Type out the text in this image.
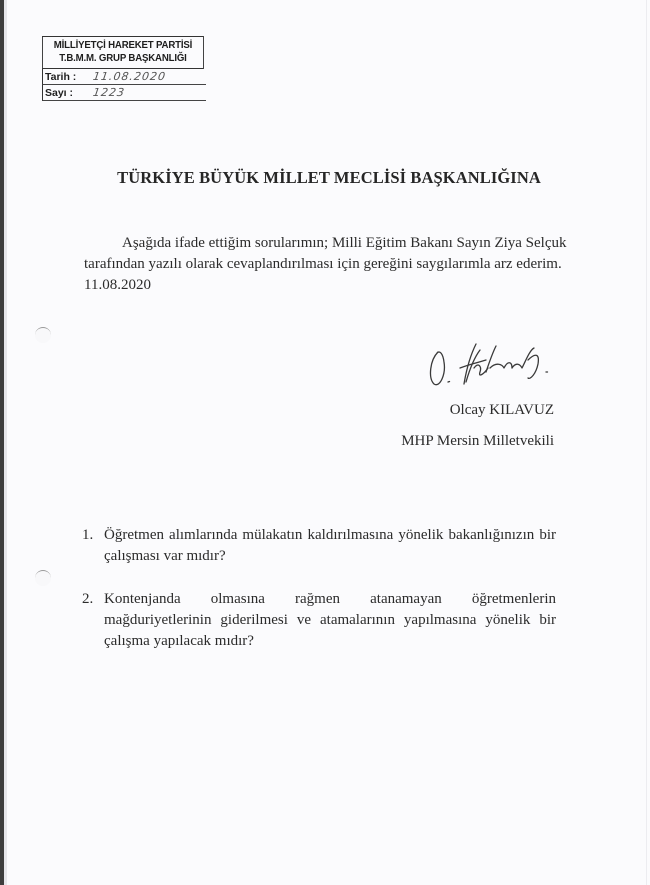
MİLLİYETÇİ HAREKET PARTİSİ
T.B.M.M. GRUP BAŞKANLIĞI
Tarih :	11.08.2020
Sayı :	1223
TÜRKİYE BÜYÜK MİLLET MECLİSİ BAŞKANLIĞINA

Aşağıda ifade ettiğim sorularımın; Milli Eğitim Bakanı Sayın Ziya Selçuk

tarafından yazılı olarak cevaplandırılması için gereğini saygılarımla arz ederim.

11.08.2020

Olcay KILAVUZ
MHP Mersin Milletvekili
1. Öğretmen alımlarında mülakatın kaldırılmasına yönelik bakanlığınızın bir çalışması var mıdır?
2. Kontenjanda olmasına rağmen atanamayan öğretmenlerin mağduriyetlerinin giderilmesi ve atamalarının yapılmasına yönelik bir çalışma yapılacak mıdır?
